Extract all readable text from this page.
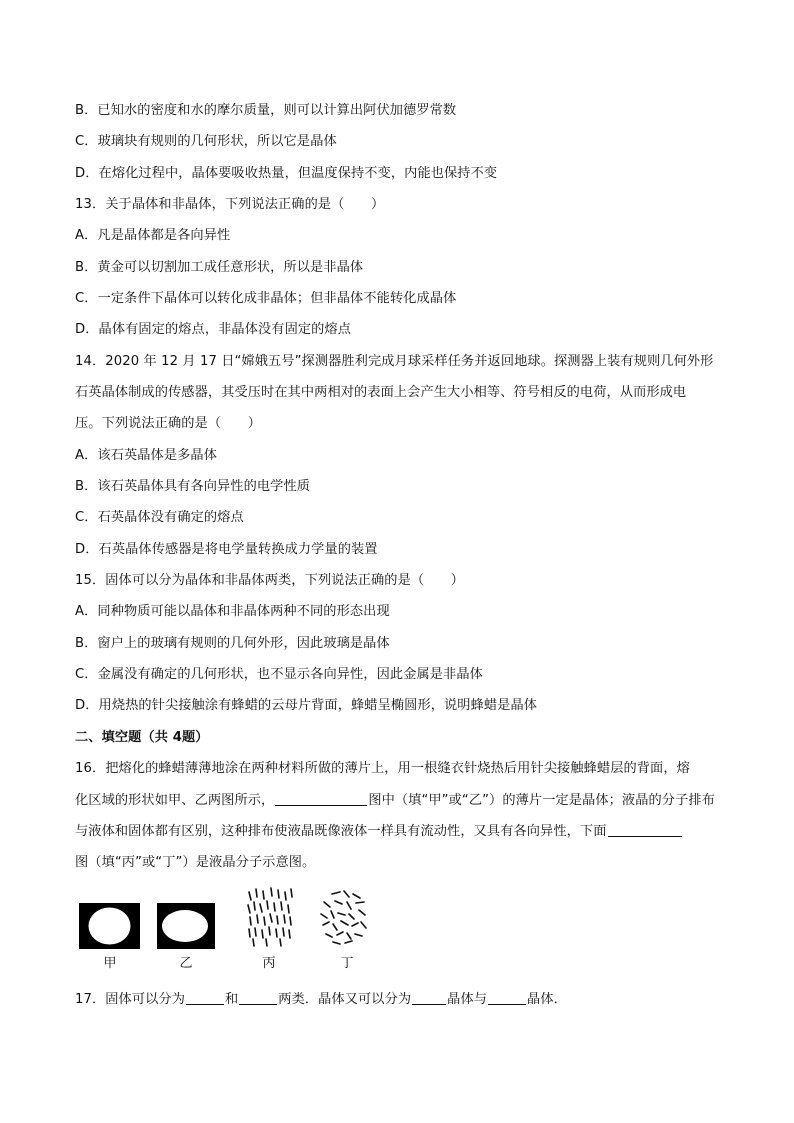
B．已知水的密度和水的摩尔质量，则可以计算出阿伏加德罗常数
C．玻璃块有规则的几何形状，所以它是晶体
D．在熔化过程中，晶体要吸收热量，但温度保持不变，内能也保持不变
13．关于晶体和非晶体，下列说法正确的是（　　）
A．凡是晶体都是各向异性
B．黄金可以切割加工成任意形状，所以是非晶体
C．一定条件下晶体可以转化成非晶体；但非晶体不能转化成晶体
D．晶体有固定的熔点，非晶体没有固定的熔点
14．2020 年 12 月 17 日“嫦娥五号”探测器胜利完成月球采样任务并返回地球。探测器上装有规则几何外形
石英晶体制成的传感器，其受压时在其中两相对的表面上会产生大小相等、符号相反的电荷，从而形成电
压。下列说法正确的是（　　）
A．该石英晶体是多晶体
B．该石英晶体具有各向异性的电学性质
C．石英晶体没有确定的熔点
D．石英晶体传感器是将电学量转换成力学量的装置
15．固体可以分为晶体和非晶体两类，下列说法正确的是（　　）
A．同种物质可能以晶体和非晶体两种不同的形态出现
B．窗户上的玻璃有规则的几何外形，因此玻璃是晶体
C．金属没有确定的几何形状，也不显示各向异性，因此金属是非晶体
D．用烧热的针尖接触涂有蜂蜡的云母片背面，蜂蜡呈椭圆形，说明蜂蜡是晶体
二、填空题（共 4题）
16．把熔化的蜂蜡薄薄地涂在两种材料所做的薄片上，用一根缝衣针烧热后用针尖接触蜂蜡层的背面，熔
化区域的形状如甲、乙两图所示，	图中（填“甲”或“乙”）的薄片一定是晶体；液晶的分子排布
与液体和固体都有区别，这种排布使液晶既像液体一样具有流动性，又具有各向异性，下面
图（填“丙”或“丁”）是液晶分子示意图。
甲	乙	丙	丁
17．固体可以分为	和	两类．晶体又可以分为	晶体与	晶体．
